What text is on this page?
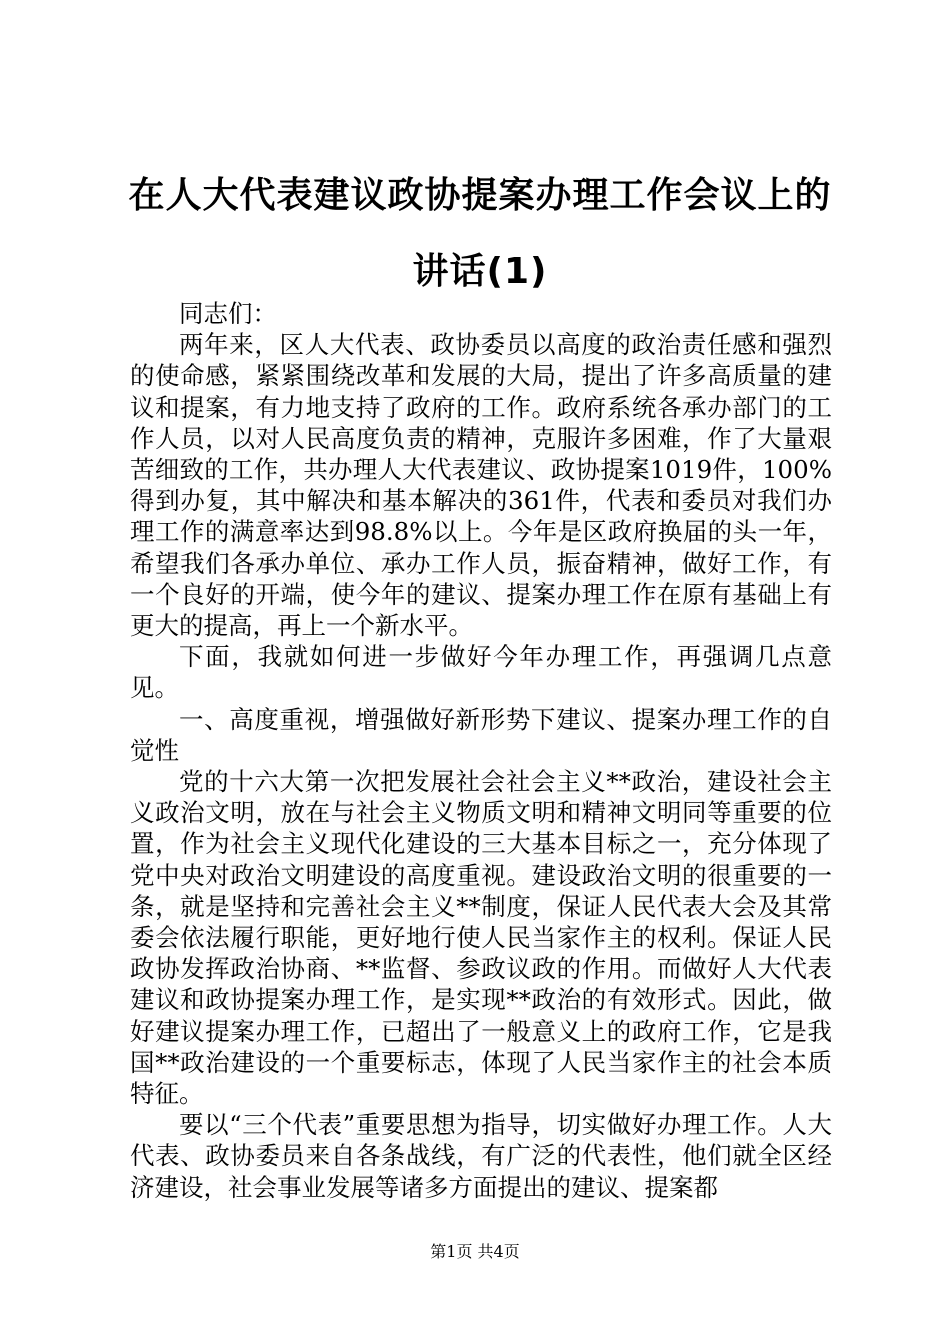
在人大代表建议政协提案办理工作会议上的讲话(1)

同志们：

两年来，区人大代表、政协委员以高度的政治责任感和强烈的使命感，紧紧围绕改革和发展的大局，提出了许多高质量的建议和提案，有力地支持了政府的工作。政府系统各承办部门的工作人员，以对人民高度负责的精神，克服许多困难，作了大量艰苦细致的工作，共办理人大代表建议、政协提案1019件，100%得到办复，其中解决和基本解决的361件，代表和委员对我们办理工作的满意率达到98.8%以上。今年是区政府换届的头一年，希望我们各承办单位、承办工作人员，振奋精神，做好工作，有一个良好的开端，使今年的建议、提案办理工作在原有基础上有更大的提高，再上一个新水平。

下面，我就如何进一步做好今年办理工作，再强调几点意见。

一、高度重视，增强做好新形势下建议、提案办理工作的自觉性

党的十六大第一次把发展社会社会主义**政治，建设社会主义政治文明，放在与社会主义物质文明和精神文明同等重要的位置，作为社会主义现代化建设的三大基本目标之一，充分体现了党中央对政治文明建设的高度重视。建设政治文明的很重要的一条，就是坚持和完善社会主义**制度，保证人民代表大会及其常委会依法履行职能，更好地行使人民当家作主的权利。保证人民政协发挥政治协商、**监督、参政议政的作用。而做好人大代表建议和政协提案办理工作，是实现**政治的有效形式。因此，做好建议提案办理工作，已超出了一般意义上的政府工作，它是我国**政治建设的一个重要标志，体现了人民当家作主的社会本质特征。

要以“三个代表”重要思想为指导，切实做好办理工作。人大代表、政协委员来自各条战线，有广泛的代表性，他们就全区经济建设，社会事业发展等诸多方面提出的建议、提案都

第1页 共4页
